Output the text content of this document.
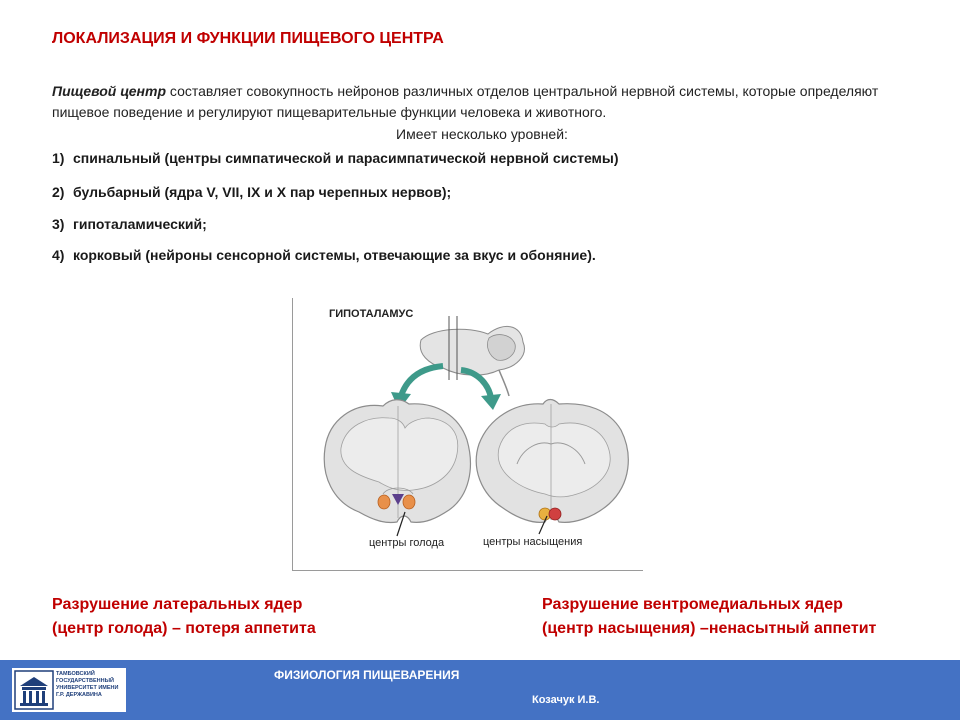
ЛОКАЛИЗАЦИЯ И ФУНКЦИИ ПИЩЕВОГО ЦЕНТРА
Пищевой центр составляет совокупность нейронов различных отделов центральной нервной системы, которые определяют пищевое поведение и регулируют пищеварительные функции человека и животного.
Имеет несколько уровней:
1) спинальный (центры симпатической и парасимпатической нервной системы)
2) бульбарный (ядра V, VII, IX и X пар черепных нервов);
3) гипоталамический;
4) корковый (нейроны сенсорной системы, отвечающие за вкус и обоняние).
ГИПОТАЛАМУС
центры голода	центры насыщения
Разрушение латеральных ядер
(центр голода) – потеря аппетита
Разрушение вентромедиальных ядер
(центр насыщения) –ненасытный аппетит
ТАМБОВСКИЙ ГОСУДАРСТВЕННЫЙ УНИВЕРСИТЕТ ИМЕНИ Г.Р. ДЕРЖАВИНА
ФИЗИОЛОГИЯ ПИЩЕВАРЕНИЯ
Козачук И.В.
